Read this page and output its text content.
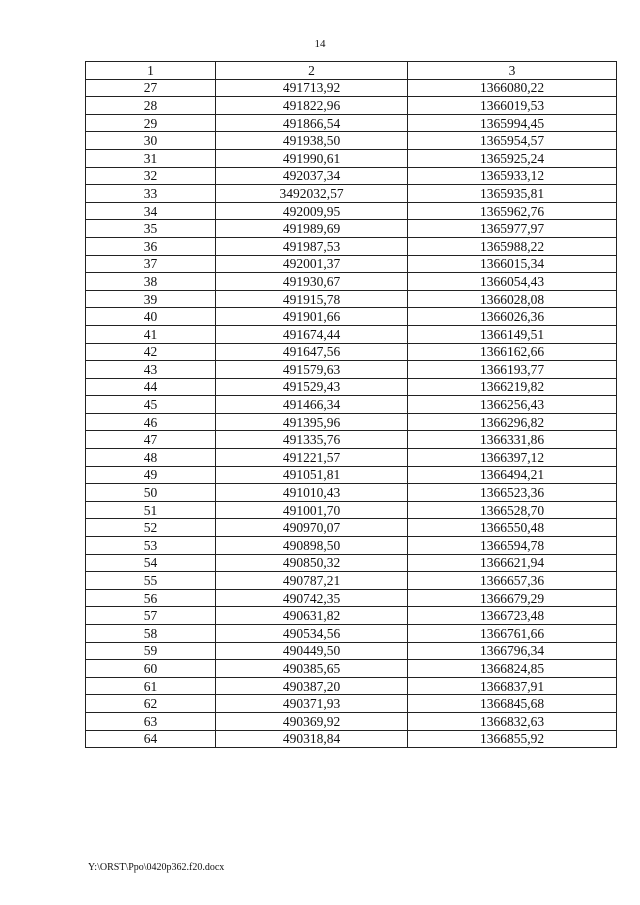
14
1	2	3
27	491713,92	1366080,22
28	491822,96	1366019,53
29	491866,54	1365994,45
30	491938,50	1365954,57
31	491990,61	1365925,24
32	492037,34	1365933,12
33	3492032,57	1365935,81
34	492009,95	1365962,76
35	491989,69	1365977,97
36	491987,53	1365988,22
37	492001,37	1366015,34
38	491930,67	1366054,43
39	491915,78	1366028,08
40	491901,66	1366026,36
41	491674,44	1366149,51
42	491647,56	1366162,66
43	491579,63	1366193,77
44	491529,43	1366219,82
45	491466,34	1366256,43
46	491395,96	1366296,82
47	491335,76	1366331,86
48	491221,57	1366397,12
49	491051,81	1366494,21
50	491010,43	1366523,36
51	491001,70	1366528,70
52	490970,07	1366550,48
53	490898,50	1366594,78
54	490850,32	1366621,94
55	490787,21	1366657,36
56	490742,35	1366679,29
57	490631,82	1366723,48
58	490534,56	1366761,66
59	490449,50	1366796,34
60	490385,65	1366824,85
61	490387,20	1366837,91
62	490371,93	1366845,68
63	490369,92	1366832,63
64	490318,84	1366855,92
Y:\ORST\Ppo\0420p362.f20.docx
